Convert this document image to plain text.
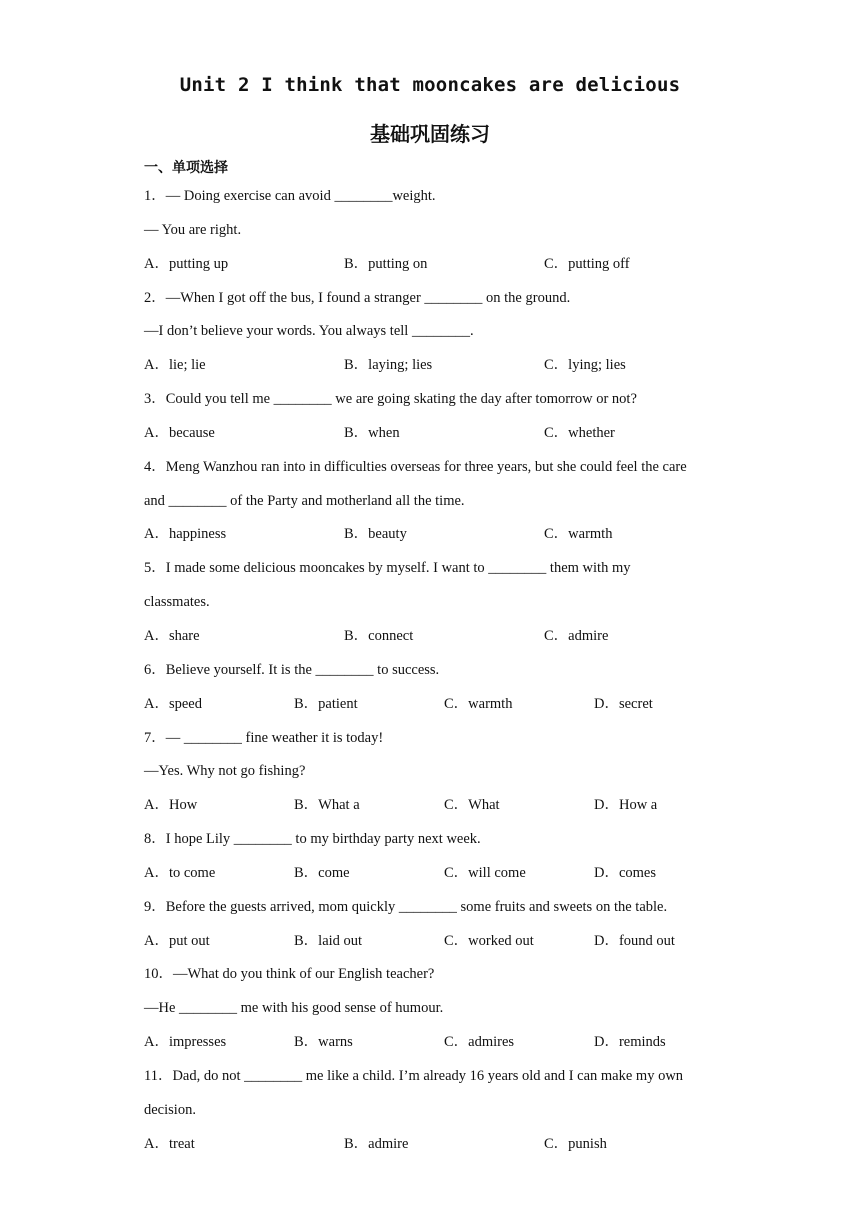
Unit 2 I think that mooncakes are delicious
基础巩固练习
一、单项选择
1．— Doing exercise can avoid ________weight.
— You are right.
A．putting up	B．putting on	C．putting off
2．—When I got off the bus, I found a stranger ________ on the ground.
—I don’t believe your words. You always tell ________.
A．lie; lie	B．laying; lies	C．lying; lies
3．Could you tell me ________ we are going skating the day after tomorrow or not?
A．because	B．when	C．whether
4．Meng Wanzhou ran into in difficulties overseas for three years, but she could feel the care
and ________ of the Party and motherland all the time.
A．happiness	B．beauty	C．warmth
5．I made some delicious mooncakes by myself. I want to ________ them with my
classmates.
A．share	B．connect	C．admire
6．Believe yourself. It is the ________ to success.
A．speed	B．patient	C．warmth	D．secret
7．— ________ fine weather it is today!
—Yes. Why not go fishing?
A．How	B．What a	C．What	D．How a
8．I hope Lily ________ to my birthday party next week.
A．to come	B．come	C．will come	D．comes
9．Before the guests arrived, mom quickly ________ some fruits and sweets on the table.
A．put out	B．laid out	C．worked out	D．found out
10．—What do you think of our English teacher?
—He ________ me with his good sense of humour.
A．impresses	B．warns	C．admires	D．reminds
11．Dad, do not ________ me like a child. I’m already 16 years old and I can make my own
decision.
A．treat	B．admire	C．punish
